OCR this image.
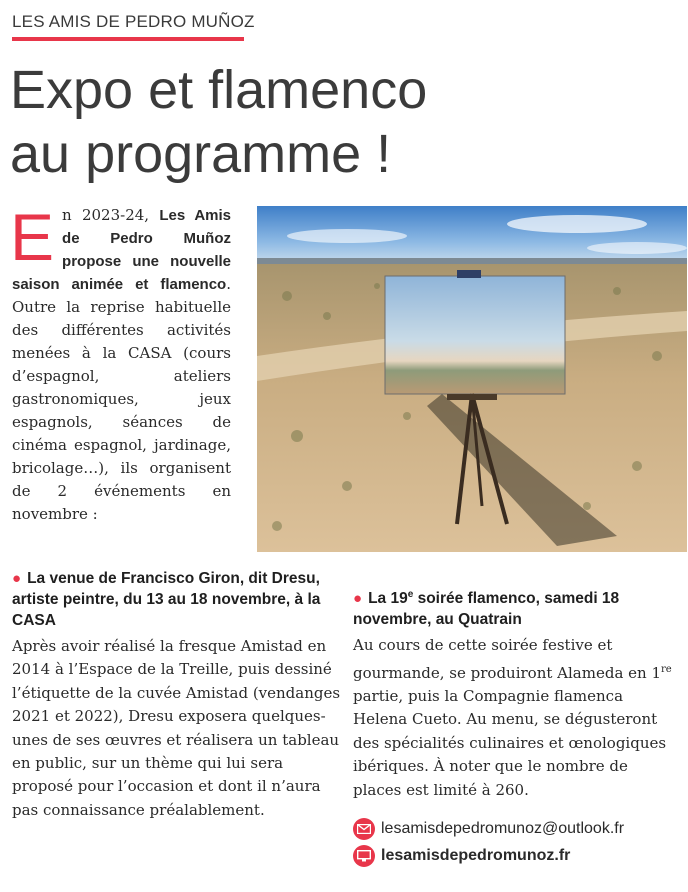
LES AMIS DE PEDRO MUÑOZ
Expo et flamenco
au programme !

En 2023-24, Les Amis de Pedro Muñoz propose une nouvelle saison animée et flamenco. Outre la reprise habituelle des différentes activités menées à la CASA (cours d’espagnol, ateliers gastronomiques, jeux espagnols, séances de cinéma espagnol, jardinage, bricolage…), ils organisent de 2 événements en novembre :

● La venue de Francisco Giron, dit Dresu, artiste peintre, du 13 au 18 novembre, à la CASA

Après avoir réalisé la fresque Amistad en 2014 à l’Espace de la Treille, puis dessiné l’étiquette de la cuvée Amistad (vendanges 2021 et 2022), Dresu exposera quelques-unes de ses œuvres et réalisera un tableau en public, sur un thème qui lui sera proposé pour l’occasion et dont il n’aura pas connaissance préalablement.

● La 19e soirée flamenco, samedi 18 novembre, au Quatrain

Au cours de cette soirée festive et gourmande, se produiront Alameda en 1re partie, puis la Compagnie flamenca Helena Cueto. Au menu, se dégusteront des spécialités culinaires et œnologiques ibériques. À noter que le nombre de places est limité à 260.

lesamisdepedromunoz@outlook.fr
lesamisdepedromunoz.fr
